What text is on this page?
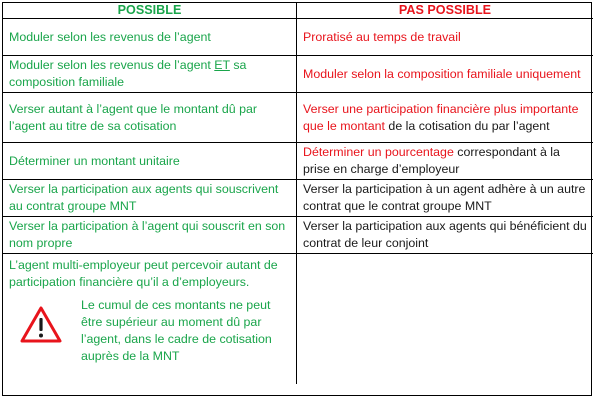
POSSIBLE	PAS POSSIBLE
Moduler selon les revenus de l’agent	Proratisé au temps de travail
Moduler selon les revenus de l’agent ET sa composition familiale
Moduler selon la composition familiale uniquement
Verser autant à l’agent que le montant dû par l’agent au titre de sa cotisation
Verser une participation financière plus importante que le montant de la cotisation du par l’agent
Déterminer un montant unitaire
Déterminer un pourcentage correspondant à la prise en charge d’employeur
Verser la participation aux agents qui souscrivent au contrat groupe MNT
Verser la participation à un agent adhère à un autre contrat que le contrat groupe MNT
Verser la participation à l’agent qui souscrit en son nom propre
Verser la participation aux agents qui bénéficient du contrat de leur conjoint
L’agent multi-employeur peut percevoir autant de participation financière qu’il a d’employeurs.
Le cumul de ces montants ne peut être supérieur au moment dû par l’agent, dans le cadre de cotisation auprès de la MNT
